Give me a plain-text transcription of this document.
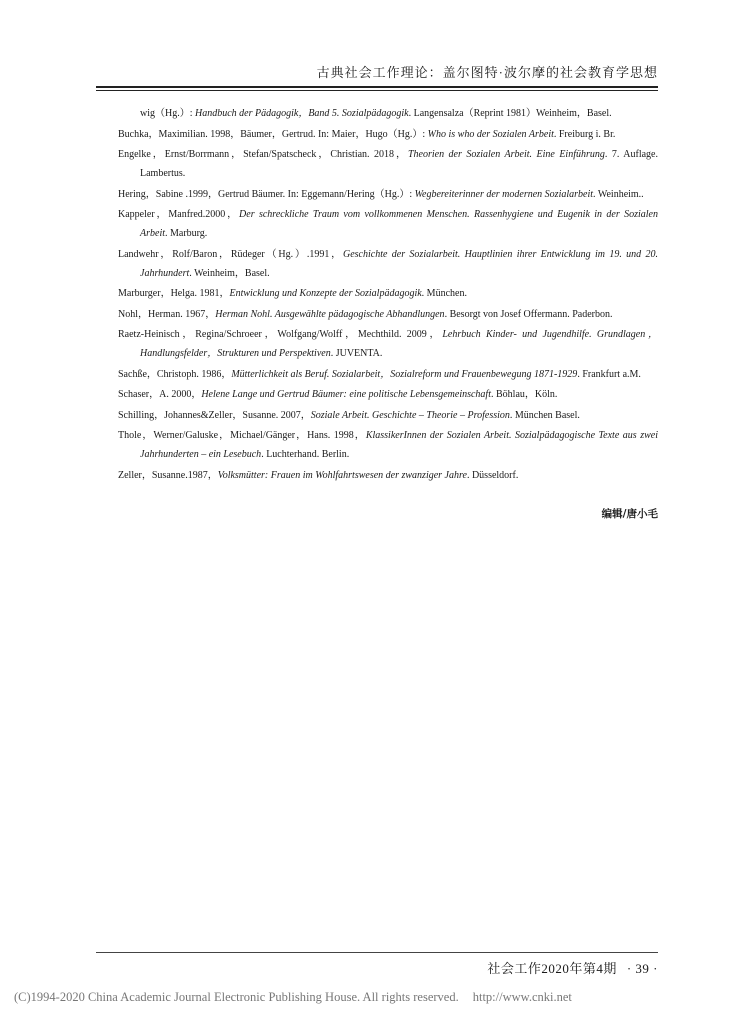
古典社会工作理论：盖尔图特·波尔摩的社会教育学思想
wig（Hg.）: Handbuch der Pädagogik，Band 5. Sozialpädagogik. Langensalza（Reprint 1981）Weinheim，Basel.
Buchka，Maximilian. 1998，Bäumer，Gertrud. In: Maier，Hugo（Hg.）: Who is who der Sozialen Arbeit. Freiburg i. Br.
Engelke，Ernst/Borrmann，Stefan/Spatscheck，Christian. 2018，Theorien der Sozialen Arbeit. Eine Einführung. 7. Auflage. Lambertus.
Hering，Sabine .1999，Gertrud Bäumer. In: Eggemann/Hering（Hg.）: Wegbereiterinner der modernen Sozialarbeit. Weinheim..
Kappeler，Manfred.2000，Der schreckliche Traum vom vollkommenen Menschen. Rassenhygiene und Eugenik in der Sozialen Arbeit. Marburg.
Landwehr，Rolf/Baron，Rüdeger（Hg.）.1991，Geschichte der Sozialarbeit. Hauptlinien ihrer Entwicklung im 19. und 20. Jahrhundert. Weinheim，Basel.
Marburger，Helga. 1981，Entwicklung und Konzepte der Sozialpädagogik. München.
Nohl，Herman. 1967，Herman Nohl. Ausgewählte pädagogische Abhandlungen. Besorgt von Josef Offermann. Paderbon.
Raetz-Heinisch，Regina/Schroeer，Wolfgang/Wolff，Mechthild. 2009，Lehrbuch Kinder- und Jugendhilfe. Grundlagen，Handlungsfelder，Strukturen und Perspektiven. JUVENTA.
Sachße，Christoph. 1986，Mütterlichkeit als Beruf. Sozialarbeit，Sozialreform und Frauenbewegung 1871-1929. Frankfurt a.M.
Schaser，A. 2000，Helene Lange und Gertrud Bäumer: eine politische Lebensgemeinschaft. Böhlau，Köln.
Schilling，Johannes&Zeller，Susanne. 2007，Soziale Arbeit. Geschichte – Theorie – Profession. München Basel.
Thole，Werner/Galuske，Michael/Gänger，Hans. 1998，KlassikerInnen der Sozialen Arbeit. Sozialpädagogische Texte aus zwei Jahrhunderten – ein Lesebuch. Luchterhand. Berlin.
Zeller，Susanne.1987，Volksmütter: Frauen im Wohlfahrtswesen der zwanziger Jahre. Düsseldorf.
编辑/唐小毛
社会工作2020年第4期 · 39 ·
(C)1994-2020 China Academic Journal Electronic Publishing House. All rights reserved. http://www.cnki.net
